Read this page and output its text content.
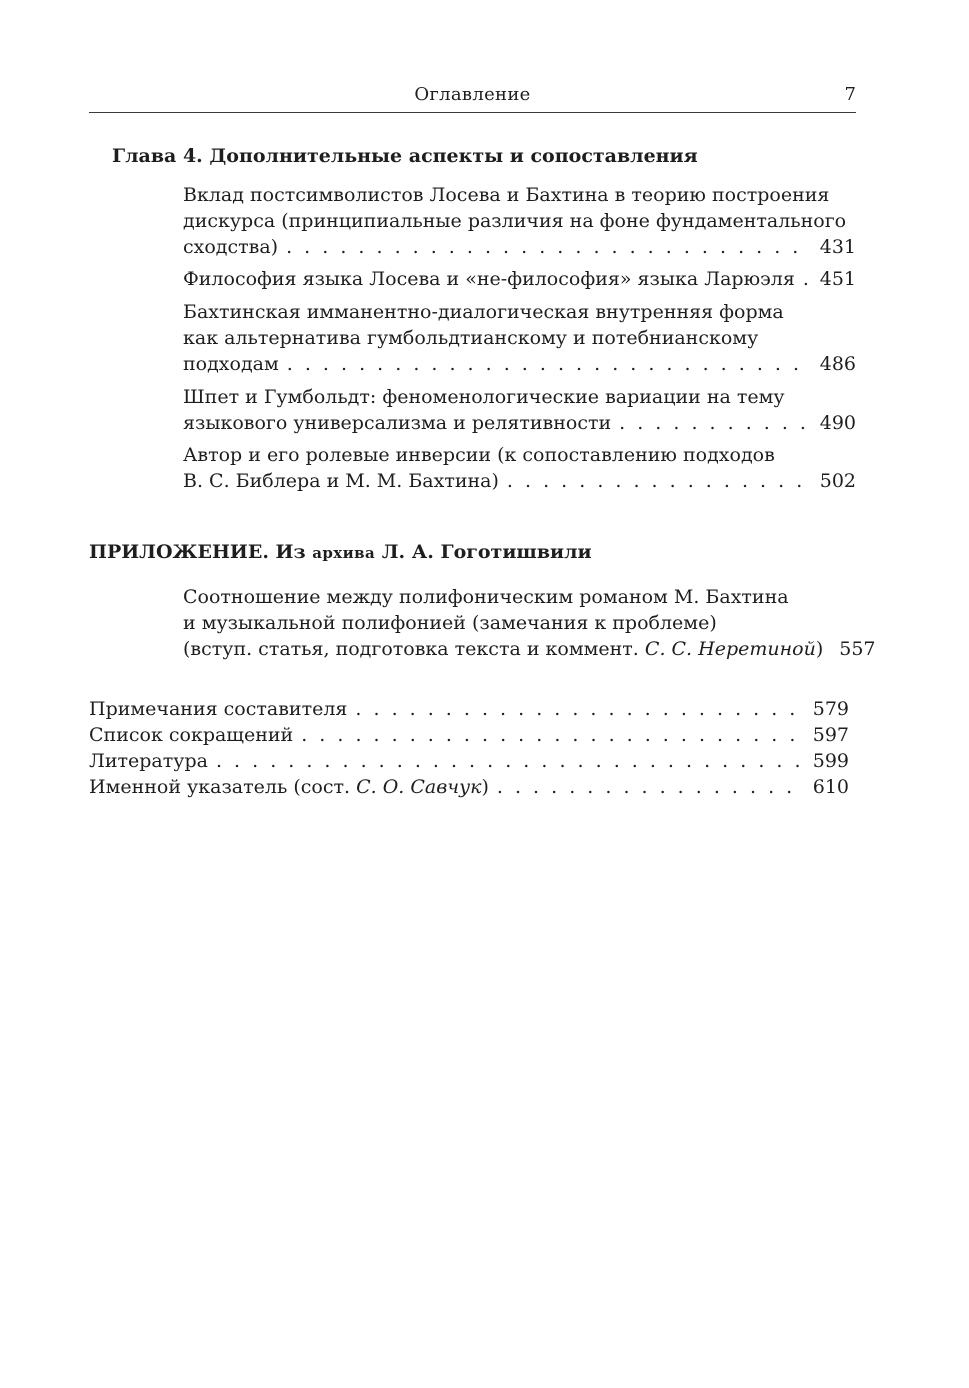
Оглавление	7
Глава 4. Дополнительные аспекты и сопоставления
Вклад постсимволистов Лосева и Бахтина в теорию построения
дискурса (принципиальные различия на фоне фундаментального
сходства) . . .	431
Философия языка Лосева и «не-философия» языка Ларюэля . . . 451
Бахтинская имманентно-диалогическая внутренняя форма
как альтернатива гумбольдтианскому и потебнианскому
подходам . . .	486
Шпет и Гумбольдт: феноменологические вариации на тему
языкового универсализма и релятивности . . .	490
Автор и его ролевые инверсии (к сопоставлению подходов
В. С. Библера и М. М. Бахтина) . . .	502
ПРИЛОЖЕНИЕ. Из архива Л. А. Гоготишвили
Соотношение между полифоническим романом М. Бахтина
и музыкальной полифонией (замечания к проблеме)
(вступ. статья, подготовка текста и коммент. С. С. Неретиной) 557
Примечания составителя . . .	579
Список сокращений . . .	597
Литература . . .	599
Именной указатель (сост. С. О. Савчук) . . .	610
